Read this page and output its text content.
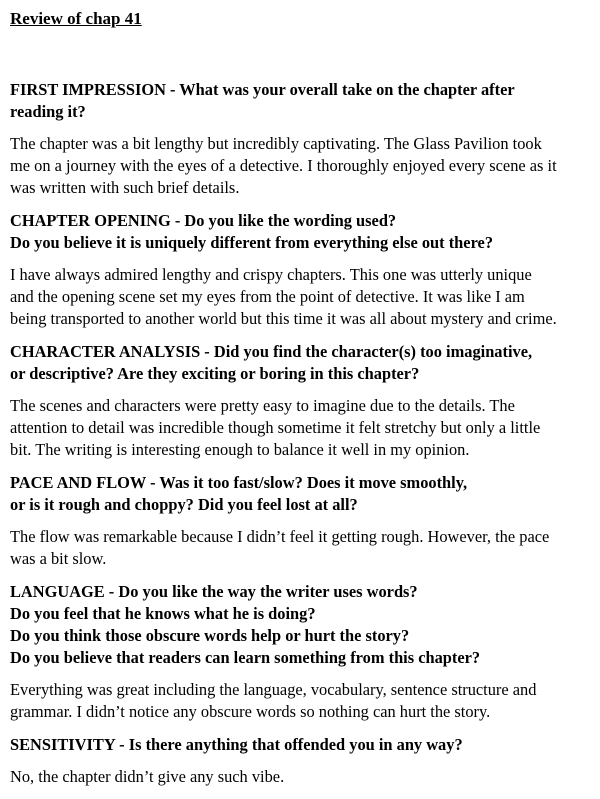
Review of chap 41
FIRST IMPRESSION - What was your overall take on the chapter after
reading it?
The chapter was a bit lengthy but incredibly captivating. The Glass Pavilion took
me on a journey with the eyes of a detective. I thoroughly enjoyed every scene as it
was written with such brief details.
CHAPTER OPENING - Do you like the wording used?
Do you believe it is uniquely different from everything else out there?
I have always admired lengthy and crispy chapters. This one was utterly unique
and the opening scene set my eyes from the point of detective. It was like I am
being transported to another world but this time it was all about mystery and crime.
CHARACTER ANALYSIS - Did you find the character(s) too imaginative,
or descriptive? Are they exciting or boring in this chapter?
The scenes and characters were pretty easy to imagine due to the details. The
attention to detail was incredible though sometime it felt stretchy but only a little
bit. The writing is interesting enough to balance it well in my opinion.
PACE AND FLOW - Was it too fast/slow? Does it move smoothly,
or is it rough and choppy? Did you feel lost at all?
The flow was remarkable because I didn’t feel it getting rough. However, the pace
was a bit slow.
LANGUAGE - Do you like the way the writer uses words?
Do you feel that he knows what he is doing?
Do you think those obscure words help or hurt the story?
Do you believe that readers can learn something from this chapter?
Everything was great including the language, vocabulary, sentence structure and
grammar. I didn’t notice any obscure words so nothing can hurt the story.
SENSITIVITY - Is there anything that offended you in any way?
No, the chapter didn’t give any such vibe.
